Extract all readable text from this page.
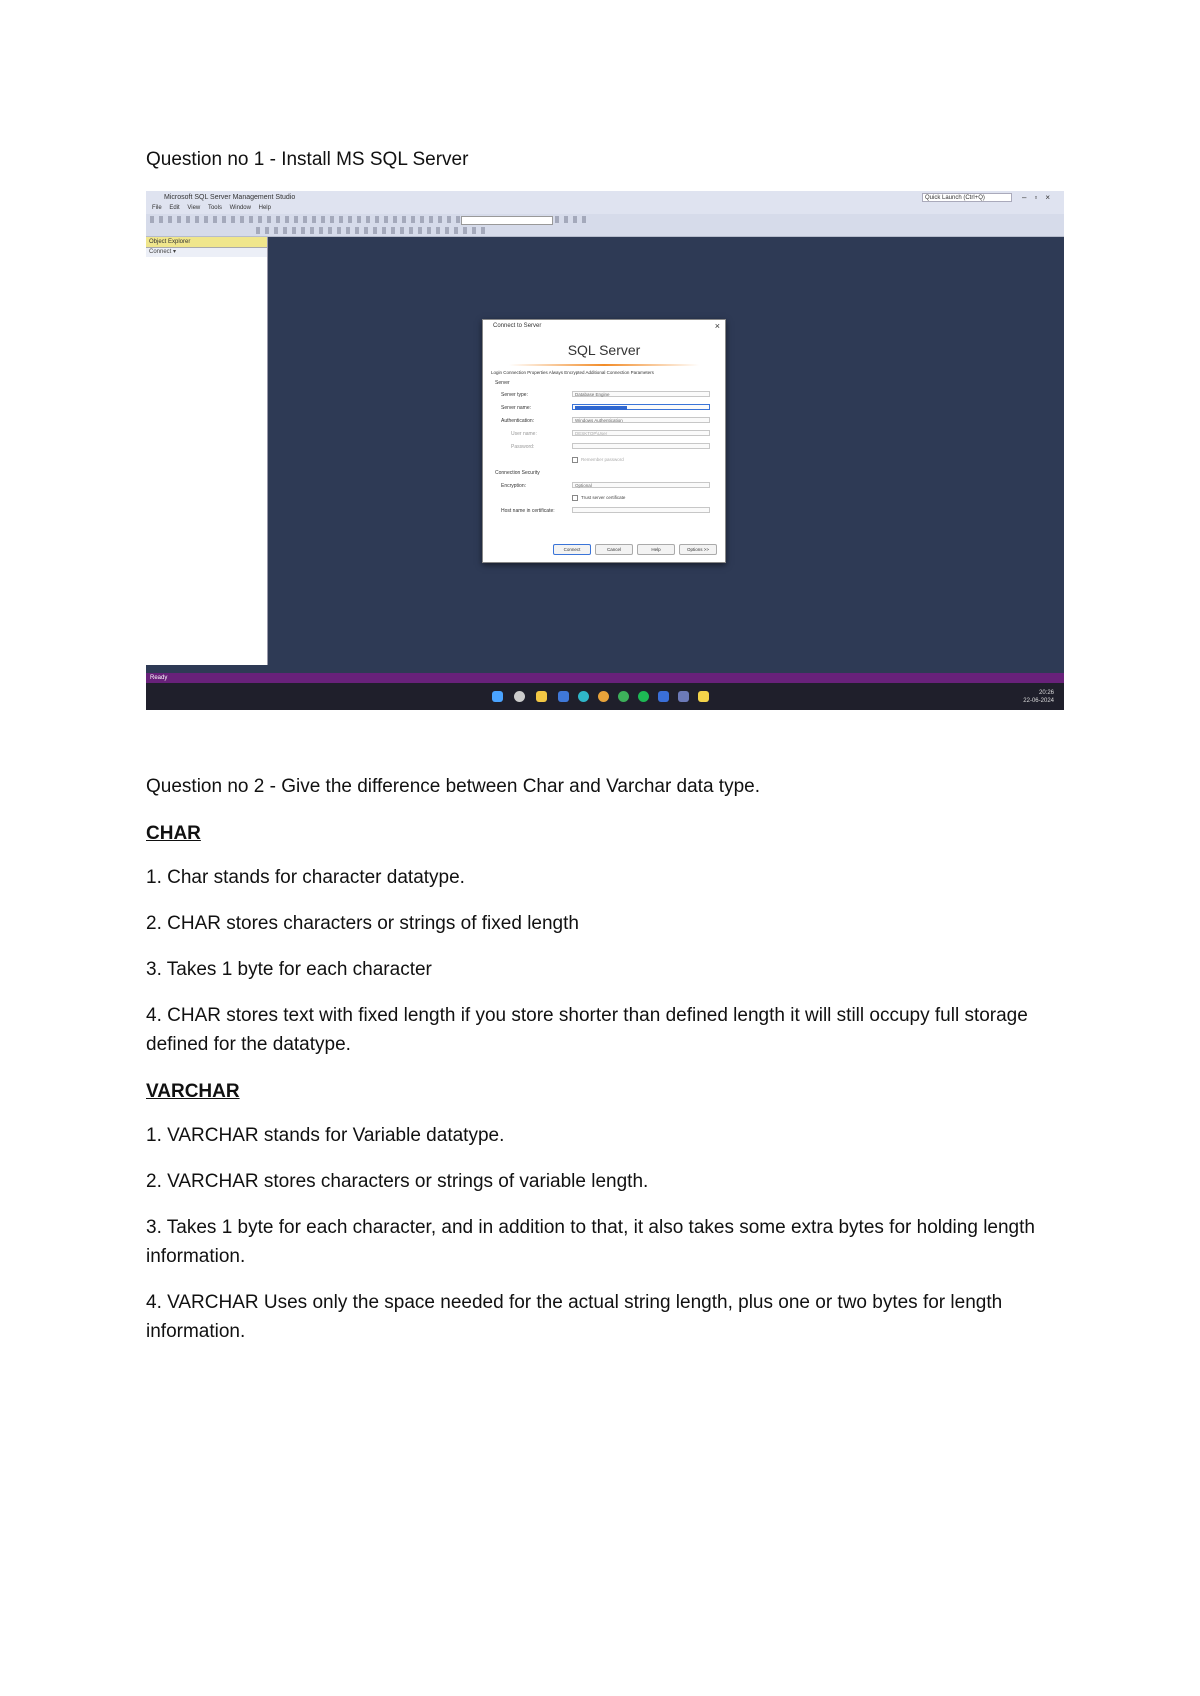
Question no 1 - Install MS SQL Server
Microsoft SQL Server Management Studio	Quick Launch (Ctrl+Q)	–▫×
File Edit View Tools Window Help
Object Explorer
Connect ▾
Connect to Server	×
SQL Server
Login Connection Properties Always Encrypted Additional Connection Parameters
Server
Server type:	Database Engine
Server name:
Authentication:	Windows Authentication
User name:	DESKTOP\User
Password:
Remember password
Connection Security
Encryption:	Optional
Trust server certificate
Host name in certificate:
Connect	Cancel	Help	Options >>
Ready
20:26
22-06-2024
Question no 2 - Give the difference between Char and Varchar data type.
CHAR
1. Char stands for character datatype.
2. CHAR stores characters or strings of fixed length
3. Takes 1 byte for each character
4. CHAR stores text with fixed length if you store shorter than defined length it will still occupy full storage defined for the datatype.
VARCHAR
1. VARCHAR stands for Variable datatype.
2. VARCHAR stores characters or strings of variable length.
3. Takes 1 byte for each character, and in addition to that, it also takes some extra bytes for holding length information.
4. VARCHAR Uses only the space needed for the actual string length, plus one or two bytes for length information.
